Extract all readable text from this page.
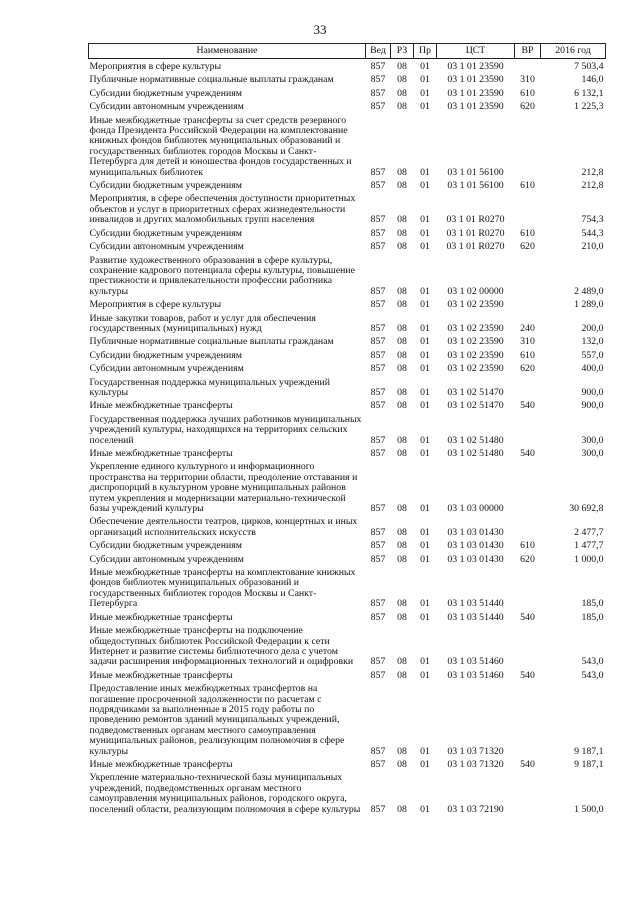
33
Наименование	Вед	РЗ	Пр	ЦСТ	ВР	2016 год
Мероприятия в сфере культуры	857	08	01	03 1 01 23590		7 503,4
Публичные нормативные социальные выплаты гражданам	857	08	01	03 1 01 23590	310	146,0
Субсидии бюджетным учреждениям	857	08	01	03 1 01 23590	610	6 132,1
Субсидии автономным учреждениям	857	08	01	03 1 01 23590	620	1 225,3
Иные межбюджетные трансферты за счет средств резервного фонда Президента Российской Федерации на комплектование книжных фондов библиотек муниципальных образований и государственных библиотек городов Москвы и Санкт-Петербурга для детей и юношества фондов государственных и муниципальных библиотек	857	08	01	03 1 01 56100		212,8
Субсидии бюджетным учреждениям	857	08	01	03 1 01 56100	610	212,8
Мероприятия, в сфере обеспечения доступности приоритетных объектов и услуг в приоритетных сферах жизнедеятельности инвалидов и других маломобильных групп населения	857	08	01	03 1 01 R0270		754,3
Субсидии бюджетным учреждениям	857	08	01	03 1 01 R0270	610	544,3
Субсидии автономным учреждениям	857	08	01	03 1 01 R0270	620	210,0
Развитие художественного образования в сфере культуры, сохранение кадрового потенциала сферы культуры, повышение престижности и привлекательности профессии работника культуры	857	08	01	03 1 02 00000		2 489,0
Мероприятия в сфере культуры	857	08	01	03 1 02 23590		1 289,0
Иные закупки товаров, работ и услуг для обеспечения государственных (муниципальных) нужд	857	08	01	03 1 02 23590	240	200,0
Публичные нормативные социальные выплаты гражданам	857	08	01	03 1 02 23590	310	132,0
Субсидии бюджетным учреждениям	857	08	01	03 1 02 23590	610	557,0
Субсидии автономным учреждениям	857	08	01	03 1 02 23590	620	400,0
Государственная поддержка муниципальных учреждений культуры	857	08	01	03 1 02 51470		900,0
Иные межбюджетные трансферты	857	08	01	03 1 02 51470	540	900,0
Государственная поддержка лучших работников муниципальных учреждений культуры, находящихся на территориях сельских поселений	857	08	01	03 1 02 51480		300,0
Иные межбюджетные трансферты	857	08	01	03 1 02 51480	540	300,0
Укрепление единого культурного и информационного пространства на территории области, преодоление отставания и диспропорций в культурном уровне муниципальных районов путем укрепления и модернизации материально-технической базы учреждений культуры	857	08	01	03 1 03 00000		30 692,8
Обеспечение деятельности театров, цирков, концертных и иных организаций исполнительских искусств	857	08	01	03 1 03 01430		2 477,7
Субсидии бюджетным учреждениям	857	08	01	03 1 03 01430	610	1 477,7
Субсидии автономным учреждениям	857	08	01	03 1 03 01430	620	1 000,0
Иные межбюджетные трансферты на комплектование книжных фондов библиотек муниципальных образований и государственных библиотек городов Москвы и Санкт-Петербурга	857	08	01	03 1 03 51440		185,0
Иные межбюджетные трансферты	857	08	01	03 1 03 51440	540	185,0
Иные межбюджетные трансферты на подключение общедоступных библиотек Российской Федерации к сети Интернет и развитие системы библиотечного дела с учетом задачи расширения информационных технологий и оцифровки	857	08	01	03 1 03 51460		543,0
Иные межбюджетные трансферты	857	08	01	03 1 03 51460	540	543,0
Предоставление иных межбюджетных трансфертов на погашение просроченной задолженности по расчетам с подрядчиками за выполненные в 2015 году работы по проведению ремонтов зданий муниципальных учреждений, подведомственных органам местного самоуправления муниципальных районов, реализующим полномочия в сфере культуры	857	08	01	03 1 03 71320		9 187,1
Иные межбюджетные трансферты	857	08	01	03 1 03 71320	540	9 187,1
Укрепление материально-технической базы муниципальных учреждений, подведомственных органам местного самоуправления муниципальных районов, городского округа, поселений области, реализующим полномочия в сфере культуры	857	08	01	03 1 03 72190		1 500,0
